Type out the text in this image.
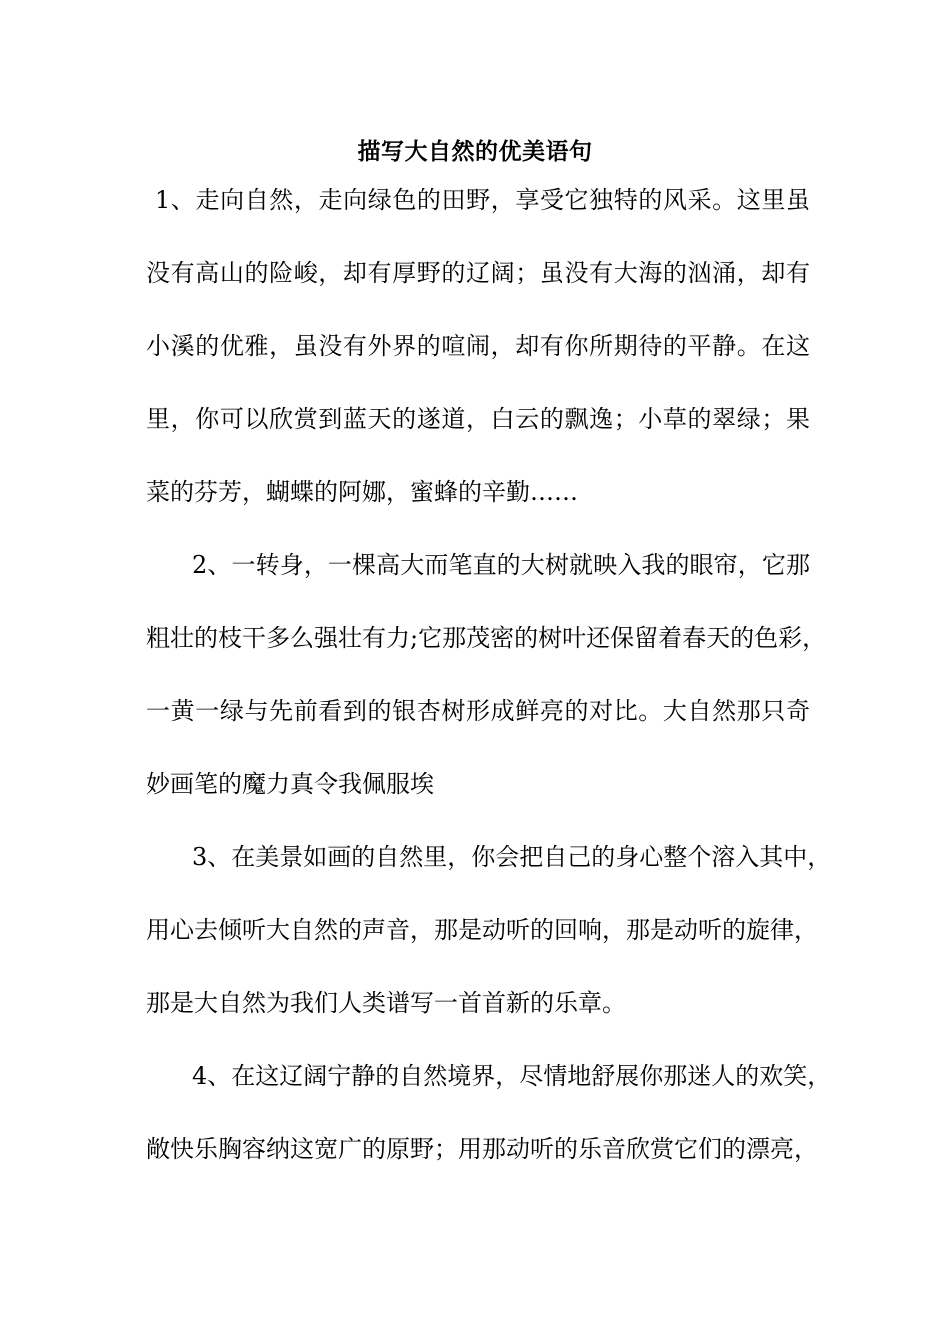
描写大自然的优美语句
1、走向自然，走向绿色的田野，享受它独特的风采。这里虽
没有高山的险峻，却有厚野的辽阔；虽没有大海的汹涌，却有
小溪的优雅，虽没有外界的喧闹，却有你所期待的平静。在这
里，你可以欣赏到蓝天的遂道，白云的飘逸；小草的翠绿；果
菜的芬芳，蝴蝶的阿娜，蜜蜂的辛勤……
2、一转身，一棵高大而笔直的大树就映入我的眼帘，它那
粗壮的枝干多么强壮有力;它那茂密的树叶还保留着春天的色彩，
一黄一绿与先前看到的银杏树形成鲜亮的对比。大自然那只奇
妙画笔的魔力真令我佩服埃
3、在美景如画的自然里，你会把自己的身心整个溶入其中，
用心去倾听大自然的声音，那是动听的回响，那是动听的旋律，
那是大自然为我们人类谱写一首首新的乐章。
4、在这辽阔宁静的自然境界，尽情地舒展你那迷人的欢笑，
敞快乐胸容纳这宽广的原野；用那动听的乐音欣赏它们的漂亮，
